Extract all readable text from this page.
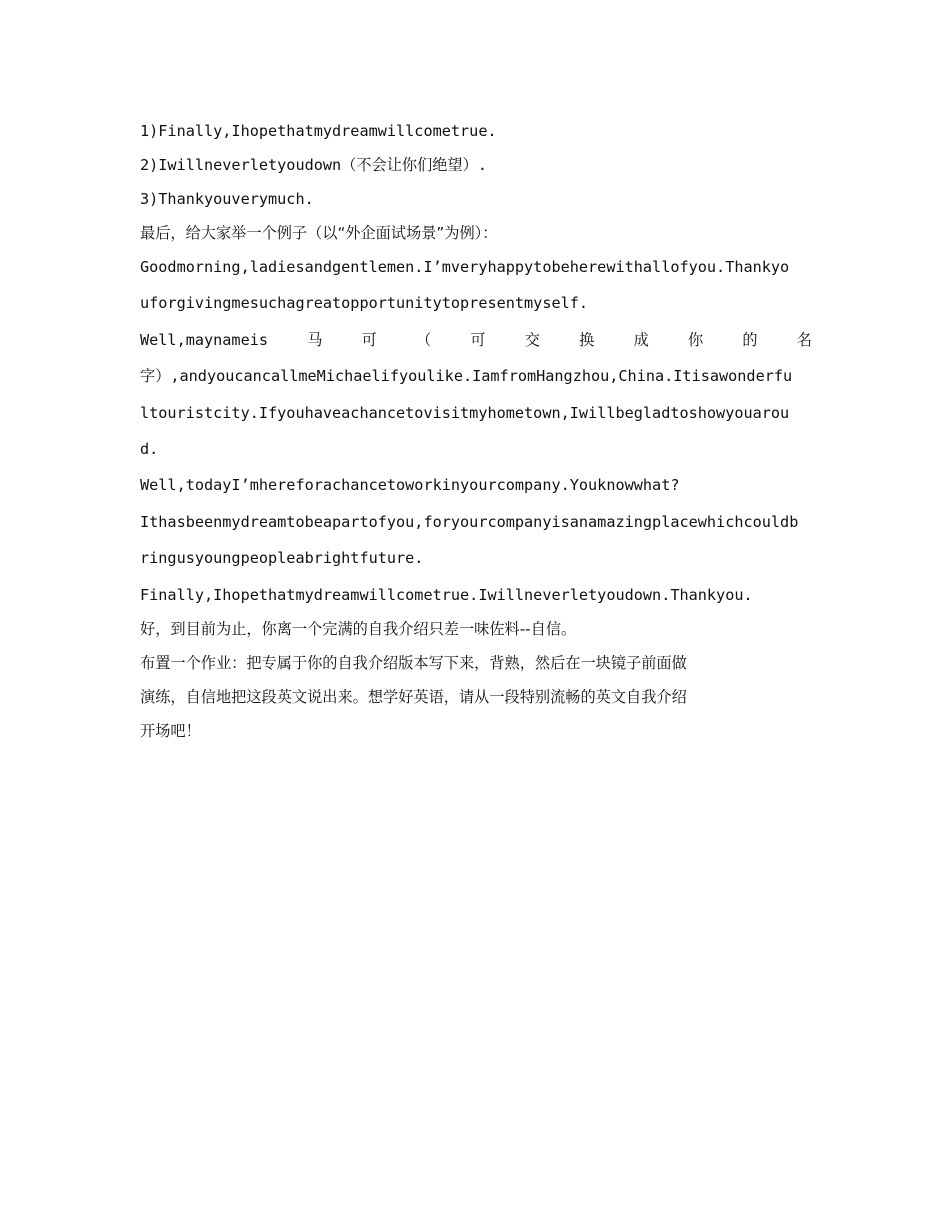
1)Finally,Ihopethatmydreamwillcometrue.
2)Iwillneverletyoudown（不会让你们绝望）.
3)Thankyouverymuch.
最后，给大家举一个例子（以“外企面试场景”为例）：
Goodmorning,ladiesandgentlemen.I’mveryhappytobeherewithallofyou.Thankyo
uforgivingmesuchagreatopportunitytopresentmyself.
Well,maynameis	马	可	（	可	交	换	成	你	的	名
字）,andyoucancallmeMichaelifyoulike.IamfromHangzhou,China.Itisawonderfu
ltouristcity.Ifyouhaveachancetovisitmyhometown,Iwillbegladtoshowyouarou
d.
Well,todayI’mhereforachancetoworkinyourcompany.Youknowwhat?
Ithasbeenmydreamtobeapartofyou,foryourcompanyisanamazingplacewhichcouldb
ringusyoungpeopleabrightfuture.
Finally,Ihopethatmydreamwillcometrue.Iwillneverletyoudown.Thankyou.
好，到目前为止，你离一个完满的自我介绍只差一味佐料--自信。
布置一个作业：把专属于你的自我介绍版本写下来，背熟，然后在一块镜子前面做
演练，自信地把这段英文说出来。想学好英语，请从一段特别流畅的英文自我介绍
开场吧！
